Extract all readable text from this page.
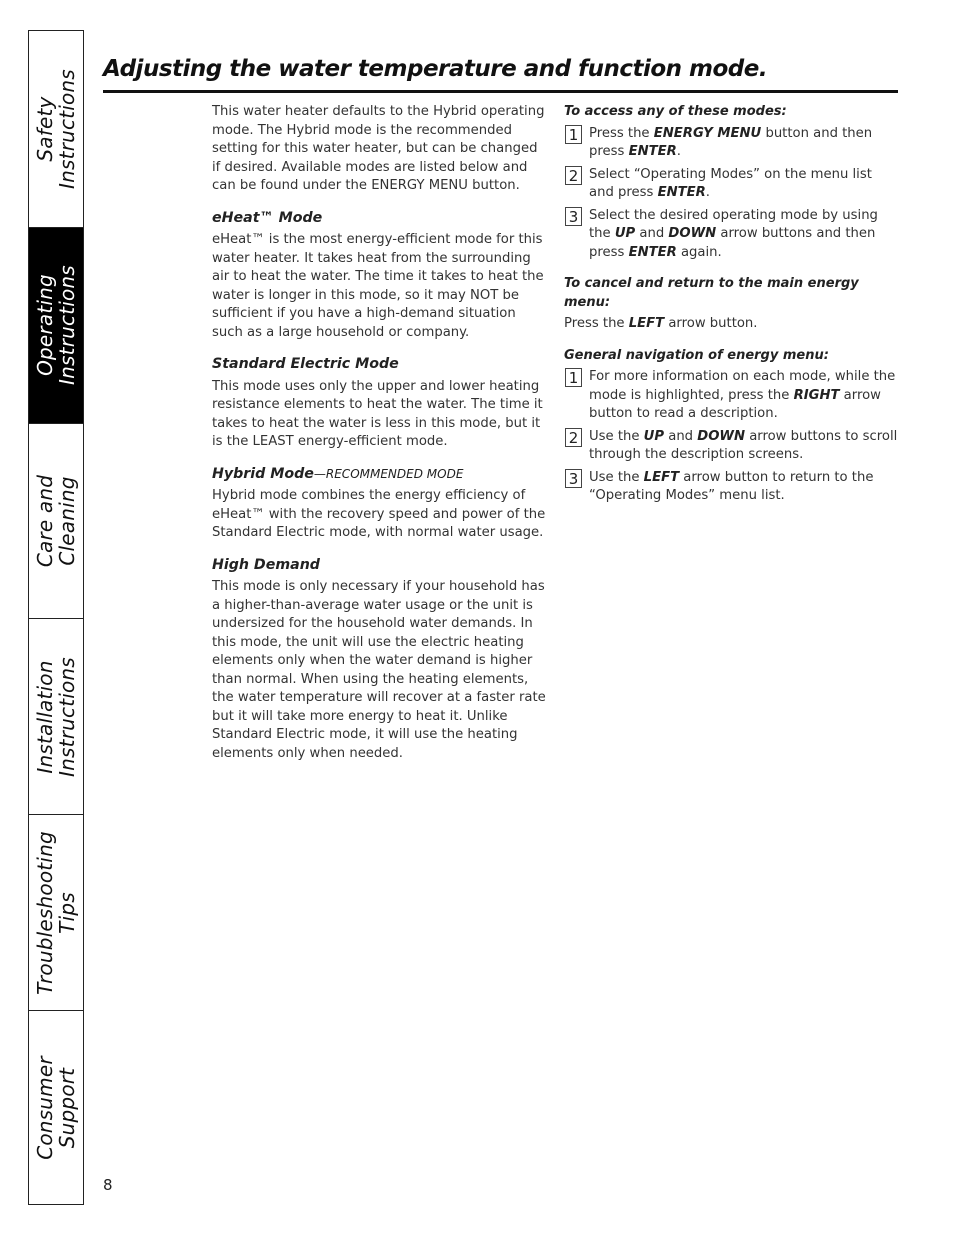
Safety
Instructions
Operating
Instructions
Care and
Cleaning
Installation
Instructions
Troubleshooting
Tips
Consumer
Support
Adjusting the water temperature and function mode.

This water heater defaults to the Hybrid operating mode. The Hybrid mode is the recommended setting for this water heater, but can be changed if desired. Available modes are listed below and can be found under the ENERGY MENU button.

eHeat™ Mode

eHeat™ is the most energy-efficient mode for this water heater. It takes heat from the surrounding air to heat the water. The time it takes to heat the water is longer in this mode, so it may NOT be sufficient if you have a high-demand situation such as a large household or company.

Standard Electric Mode

This mode uses only the upper and lower heating resistance elements to heat the water. The time it takes to heat the water is less in this mode, but it is the LEAST energy-efficient mode.

Hybrid Mode—RECOMMENDED MODE

Hybrid mode combines the energy efficiency of eHeat™ with the recovery speed and power of the Standard Electric mode, with normal water usage.

High Demand

This mode is only necessary if your household has a higher-than-average water usage or the unit is undersized for the household water demands. In this mode, the unit will use the electric heating elements only when the water demand is higher than normal. When using the heating elements, the water temperature will recover at a faster rate but it will take more energy to heat it. Unlike Standard Electric mode, it will use the heating elements only when needed.

To access any of these modes:
1 Press the ENERGY MENU button and then press ENTER.
2 Select “Operating Modes” on the menu list and press ENTER.
3 Select the desired operating mode by using the UP and DOWN arrow buttons and then press ENTER again.
To cancel and return to the main energy menu:

Press the LEFT arrow button.

General navigation of energy menu:
1 For more information on each mode, while the mode is highlighted, press the RIGHT arrow button to read a description.
2 Use the UP and DOWN arrow buttons to scroll through the description screens.
3 Use the LEFT arrow button to return to the “Operating Modes” menu list.
8
